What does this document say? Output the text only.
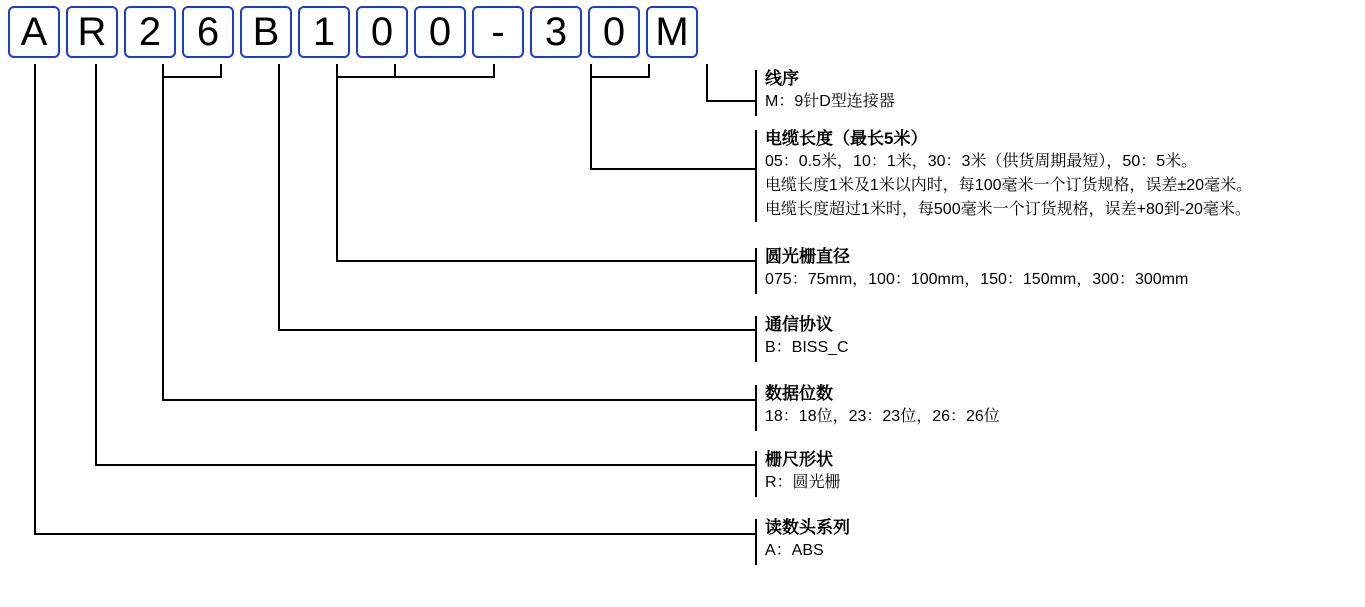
A R 2 6 B 1 0 0	-	3 0 M
线序
M：9针D型连接器
电缆长度（最长5米）
05：0.5米，10：1米，30：3米（供货周期最短），50：5米。
电缆长度1米及1米以内时，每100毫米一个订货规格，误差±20毫米。
电缆长度超过1米时，每500毫米一个订货规格，误差+80到-20毫米。
圆光栅直径
075：75mm，100：100mm，150：150mm，300：300mm
通信协议
B：BISS_C
数据位数
18：18位，23：23位，26：26位
栅尺形状
R：圆光栅
读数头系列
A：ABS
